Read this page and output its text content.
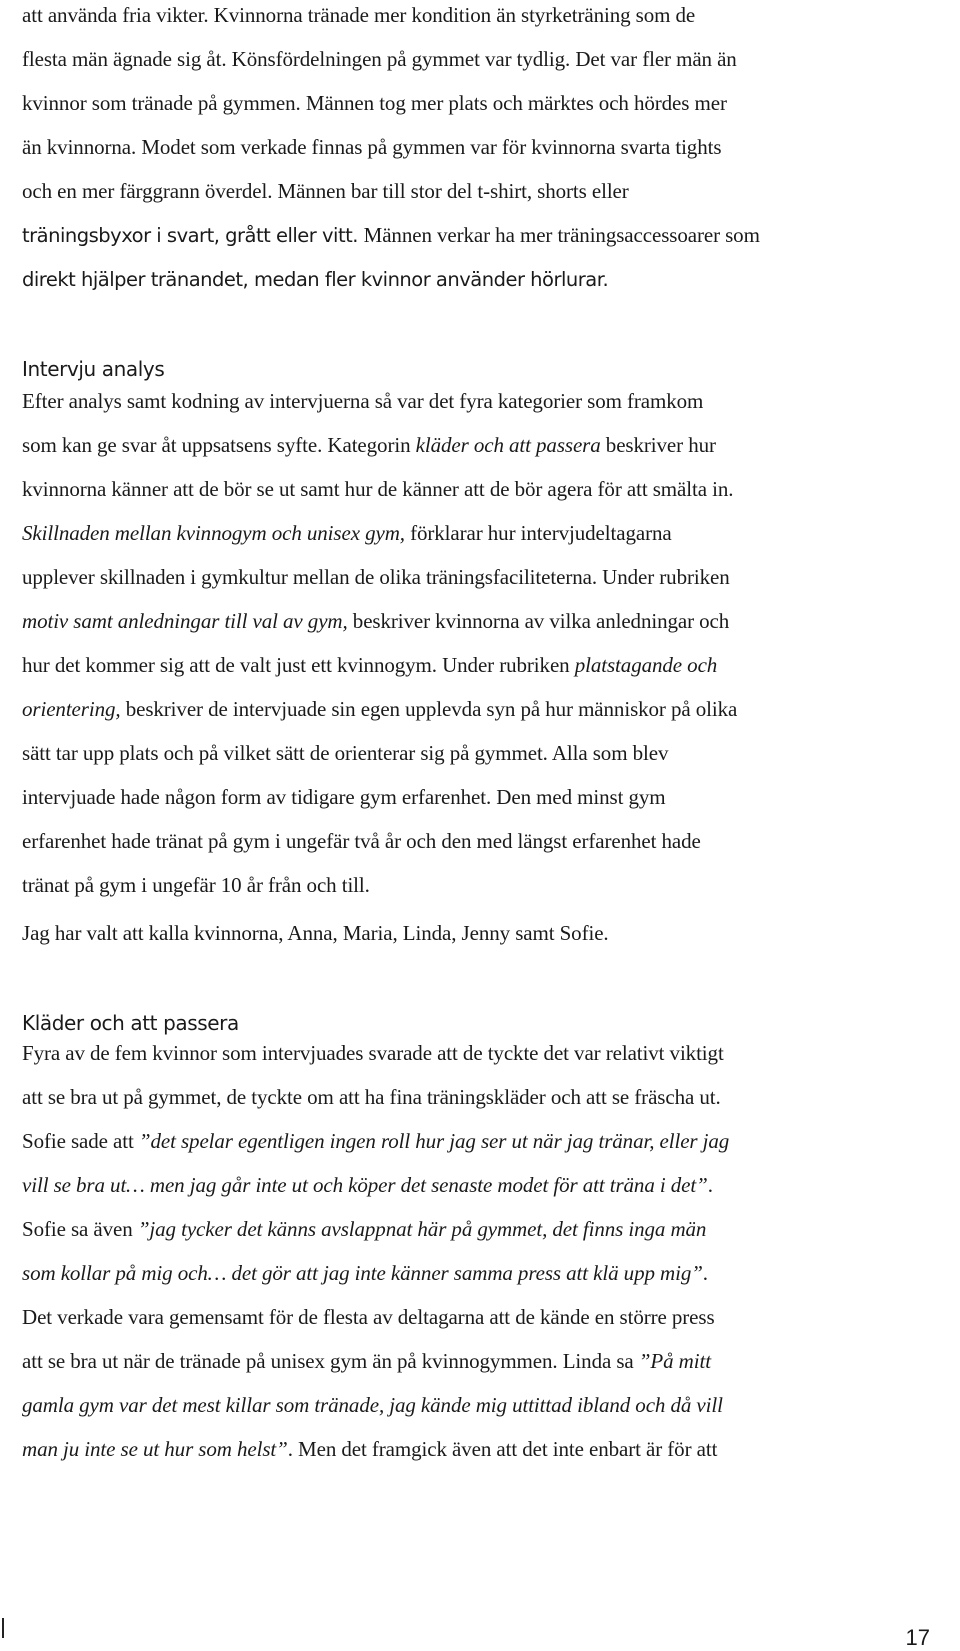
att använda fria vikter. Kvinnorna tränade mer kondition än styrketräning som de
flesta män ägnade sig åt. Könsfördelningen på gymmet var tydlig. Det var fler män än
kvinnor som tränade på gymmen. Männen tog mer plats och märktes och hördes mer
än kvinnorna. Modet som verkade finnas på gymmen var för kvinnorna svarta tights
och en mer färggrann överdel. Männen bar till stor del t-shirt, shorts eller
träningsbyxor i svart, grått eller vitt. Männen verkar ha mer träningsaccessoarer som
direkt hjälper tränandet, medan fler kvinnor använder hörlurar.
Intervju analys
Efter analys samt kodning av intervjuerna så var det fyra kategorier som framkom
som kan ge svar åt uppsatsens syfte. Kategorin kläder och att passera beskriver hur
kvinnorna känner att de bör se ut samt hur de känner att de bör agera för att smälta in.
Skillnaden mellan kvinnogym och unisex gym, förklarar hur intervjudeltagarna
upplever skillnaden i gymkultur mellan de olika träningsfaciliteterna. Under rubriken
motiv samt anledningar till val av gym, beskriver kvinnorna av vilka anledningar och
hur det kommer sig att de valt just ett kvinnogym. Under rubriken platstagande och
orientering, beskriver de intervjuade sin egen upplevda syn på hur människor på olika
sätt tar upp plats och på vilket sätt de orienterar sig på gymmet. Alla som blev
intervjuade hade någon form av tidigare gym erfarenhet. Den med minst gym
erfarenhet hade tränat på gym i ungefär två år och den med längst erfarenhet hade
tränat på gym i ungefär 10 år från och till.
Jag har valt att kalla kvinnorna, Anna, Maria, Linda, Jenny samt Sofie.
Kläder och att passera
Fyra av de fem kvinnor som intervjuades svarade att de tyckte det var relativt viktigt
att se bra ut på gymmet, de tyckte om att ha fina träningskläder och att se fräscha ut.
Sofie sade att ”det spelar egentligen ingen roll hur jag ser ut när jag tränar, eller jag
vill se bra ut… men jag går inte ut och köper det senaste modet för att träna i det”.
Sofie sa även ”jag tycker det känns avslappnat här på gymmet, det finns inga män
som kollar på mig och… det gör att jag inte känner samma press att klä upp mig”.
Det verkade vara gemensamt för de flesta av deltagarna att de kände en större press
att se bra ut när de tränade på unisex gym än på kvinnogymmen. Linda sa ”På mitt
gamla gym var det mest killar som tränade, jag kände mig uttittad ibland och då vill
man ju inte se ut hur som helst”. Men det framgick även att det inte enbart är för att
17
